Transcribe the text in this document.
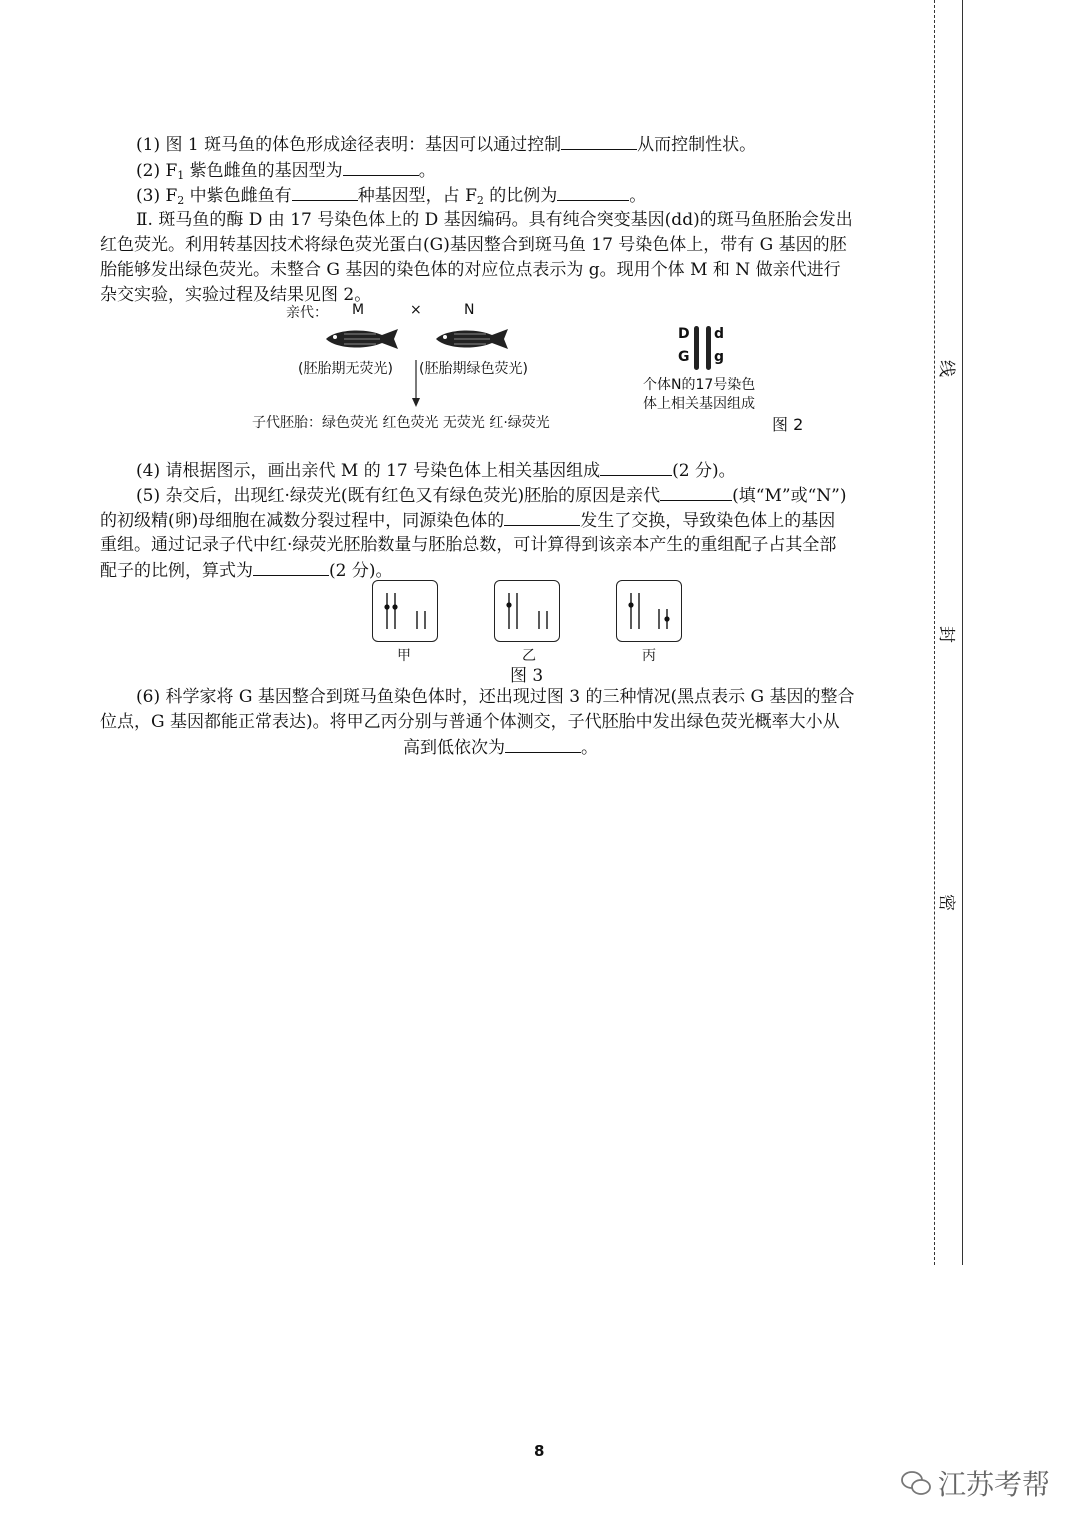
(1) 图 1 斑马鱼的体色形成途径表明：基因可以通过控制	从而控制性状。
(2) $F_1$ 紫色雌鱼的基因型为	。
(3) $F_2$ 中紫色雌鱼有	种基因型，占 $F_2$ 的比例为	。
Ⅱ. 斑马鱼的酶 D 由 17 号染色体上的 D 基因编码。具有纯合突变基因(dd)的斑马鱼胚胎会发出
红色荧光。利用转基因技术将绿色荧光蛋白(G)基因整合到斑马鱼 17 号染色体上，带有 G 基因的胚
胎能够发出绿色荧光。未整合 G 基因的染色体的对应位点表示为 g。现用个体 M 和 N 做亲代进行
杂交实验，实验过程及结果见图 2。
亲代： M	×	N
(胚胎期无荧光) (胚胎期绿色荧光)
子代胚胎：绿色荧光 红色荧光 无荧光 红·绿荧光
D d
G g
个体N的17号染色
体上相关基因组成
图 2
(4) 请根据图示，画出亲代 M 的 17 号染色体上相关基因组成	(2 分)。
(5) 杂交后，出现红·绿荧光(既有红色又有绿色荧光)胚胎的原因是亲代	(填“M”或“N”)
的初级精(卵)母细胞在减数分裂过程中，同源染色体的	发生了交换，导致染色体上的基因
重组。通过记录子代中红·绿荧光胚胎数量与胚胎总数，可计算得到该亲本产生的重组配子占其全部
配子的比例，算式为	(2 分)。
甲	乙	丙
图 3
(6) 科学家将 G 基因整合到斑马鱼染色体时，还出现过图 3 的三种情况(黑点表示 G 基因的整合
位点，G 基因都能正常表达)。将甲乙丙分别与普通个体测交，子代胚胎中发出绿色荧光概率大小从
高到低依次为	。
线
封
密
8
江苏考帮
